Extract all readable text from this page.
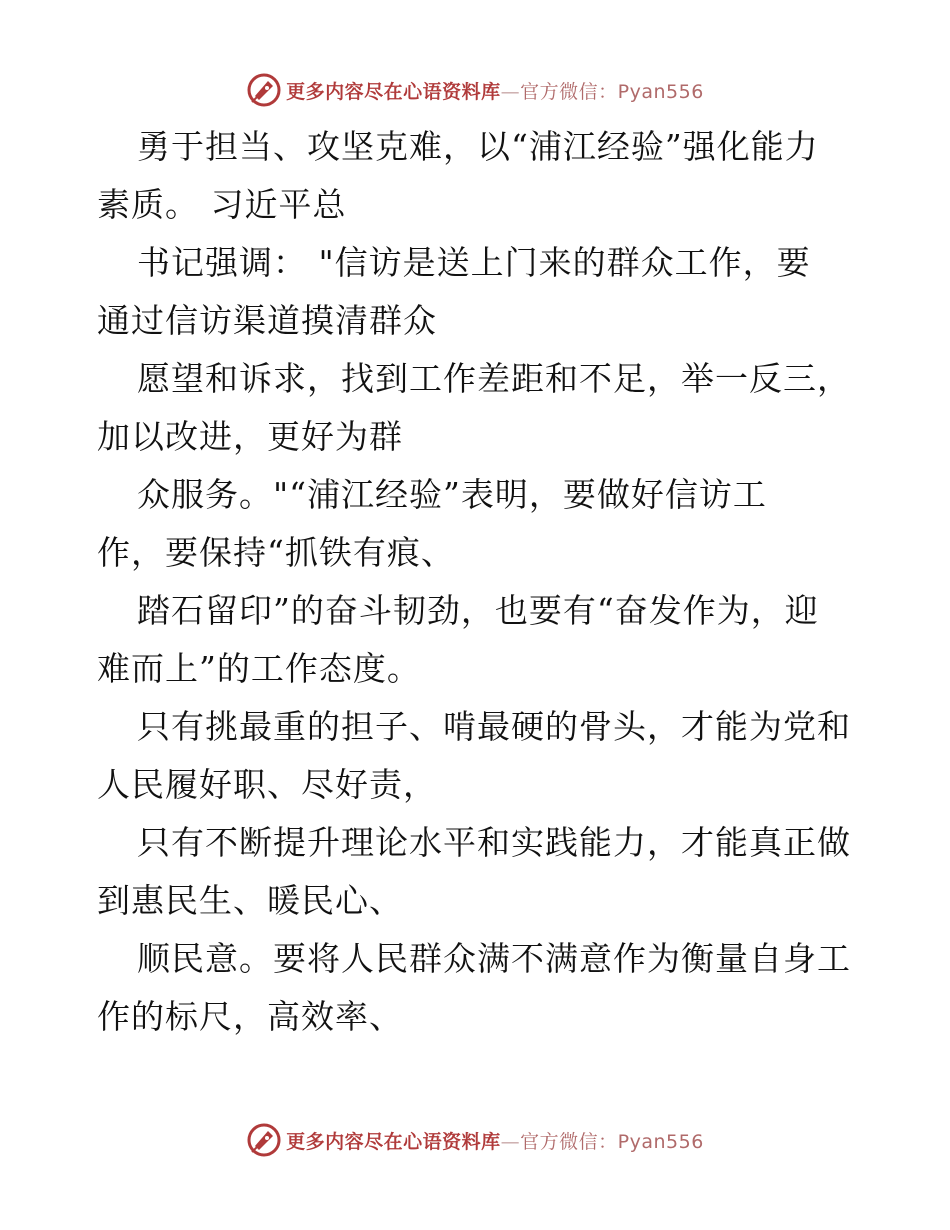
更多内容尽在心语资料库—官方微信：Pyan556
勇于担当、攻坚克难，以“浦江经验”强化能力
素质。 习近平总
书记强调： "信访是送上门来的群众工作，要
通过信访渠道摸清群众
愿望和诉求，找到工作差距和不足，举一反三，
加以改进，更好为群
众服务。"“浦江经验”表明，要做好信访工
作，要保持“抓铁有痕、
踏石留印”的奋斗韧劲，也要有“奋发作为，迎
难而上”的工作态度。
只有挑最重的担子、啃最硬的骨头，才能为党和
人民履好职、尽好责，
只有不断提升理论水平和实践能力，才能真正做
到惠民生、暖民心、
顺民意。要将人民群众满不满意作为衡量自身工
作的标尺，高效率、
更多内容尽在心语资料库—官方微信：Pyan556
